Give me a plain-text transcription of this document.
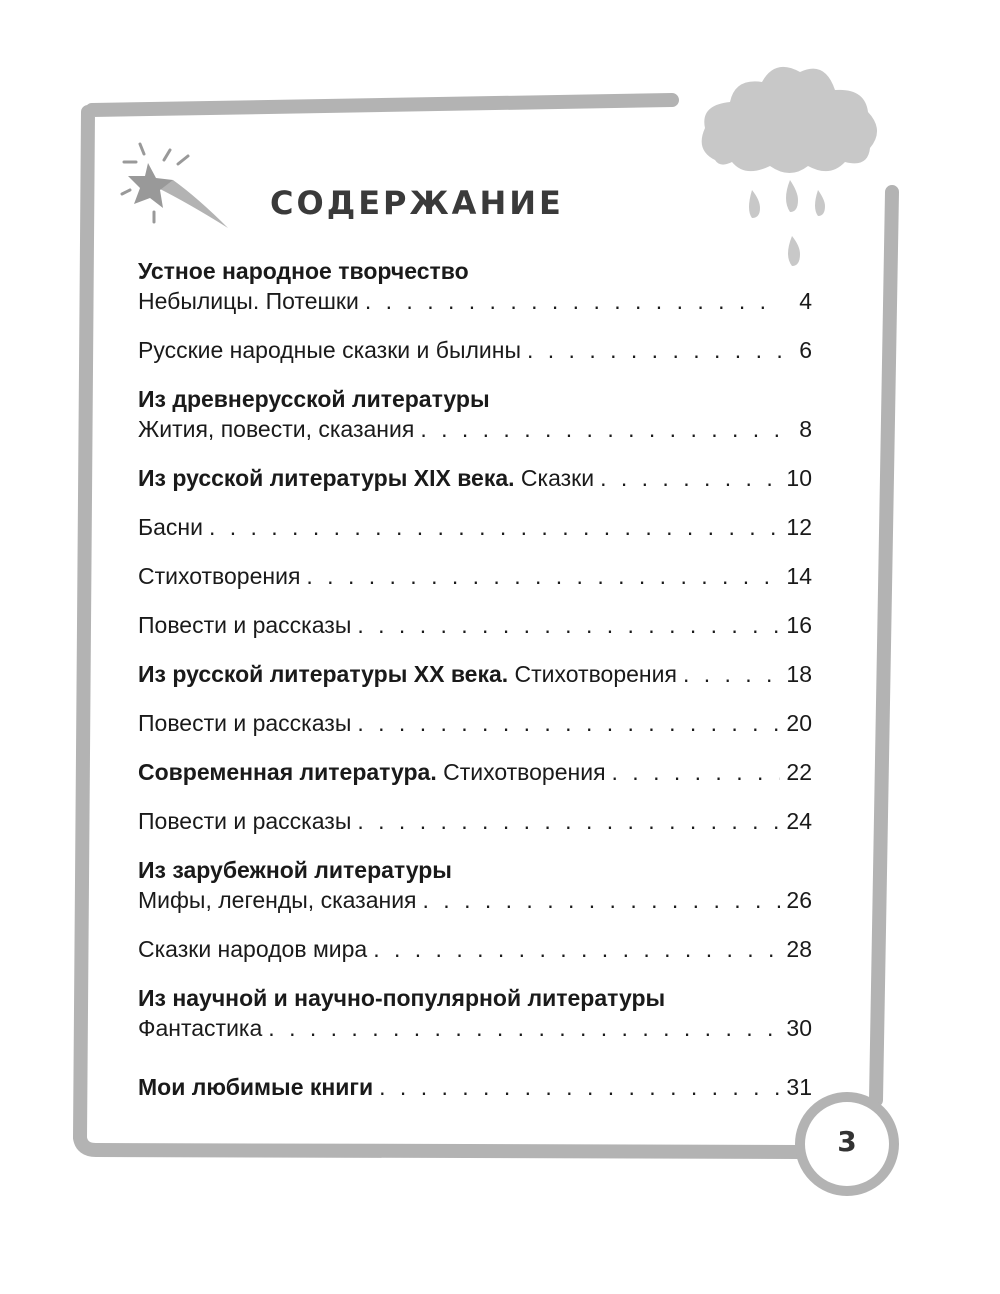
содержание
Устное народное творчество
Небылицы. Потешки . . .	4
Русские народные сказки и былины . . .	6
Из древнерусской литературы
Жития, повести, сказания . . .	8
Из русской литературы XIX века. Сказки . . .	10
Басни . . .	12
Стихотворения . . .	14
Повести и рассказы . . .	16
Из русской литературы XX века. Стихотворения . . .	18
Повести и рассказы . . .	20
Современная литература. Стихотворения . . .	22
Повести и рассказы . . .	24
Из зарубежной литературы
Мифы, легенды, сказания . . .	26
Сказки народов мира . . .	28
Из научной и научно-популярной литературы
Фантастика . . .	30
Мои любимые книги . . .	31
3
